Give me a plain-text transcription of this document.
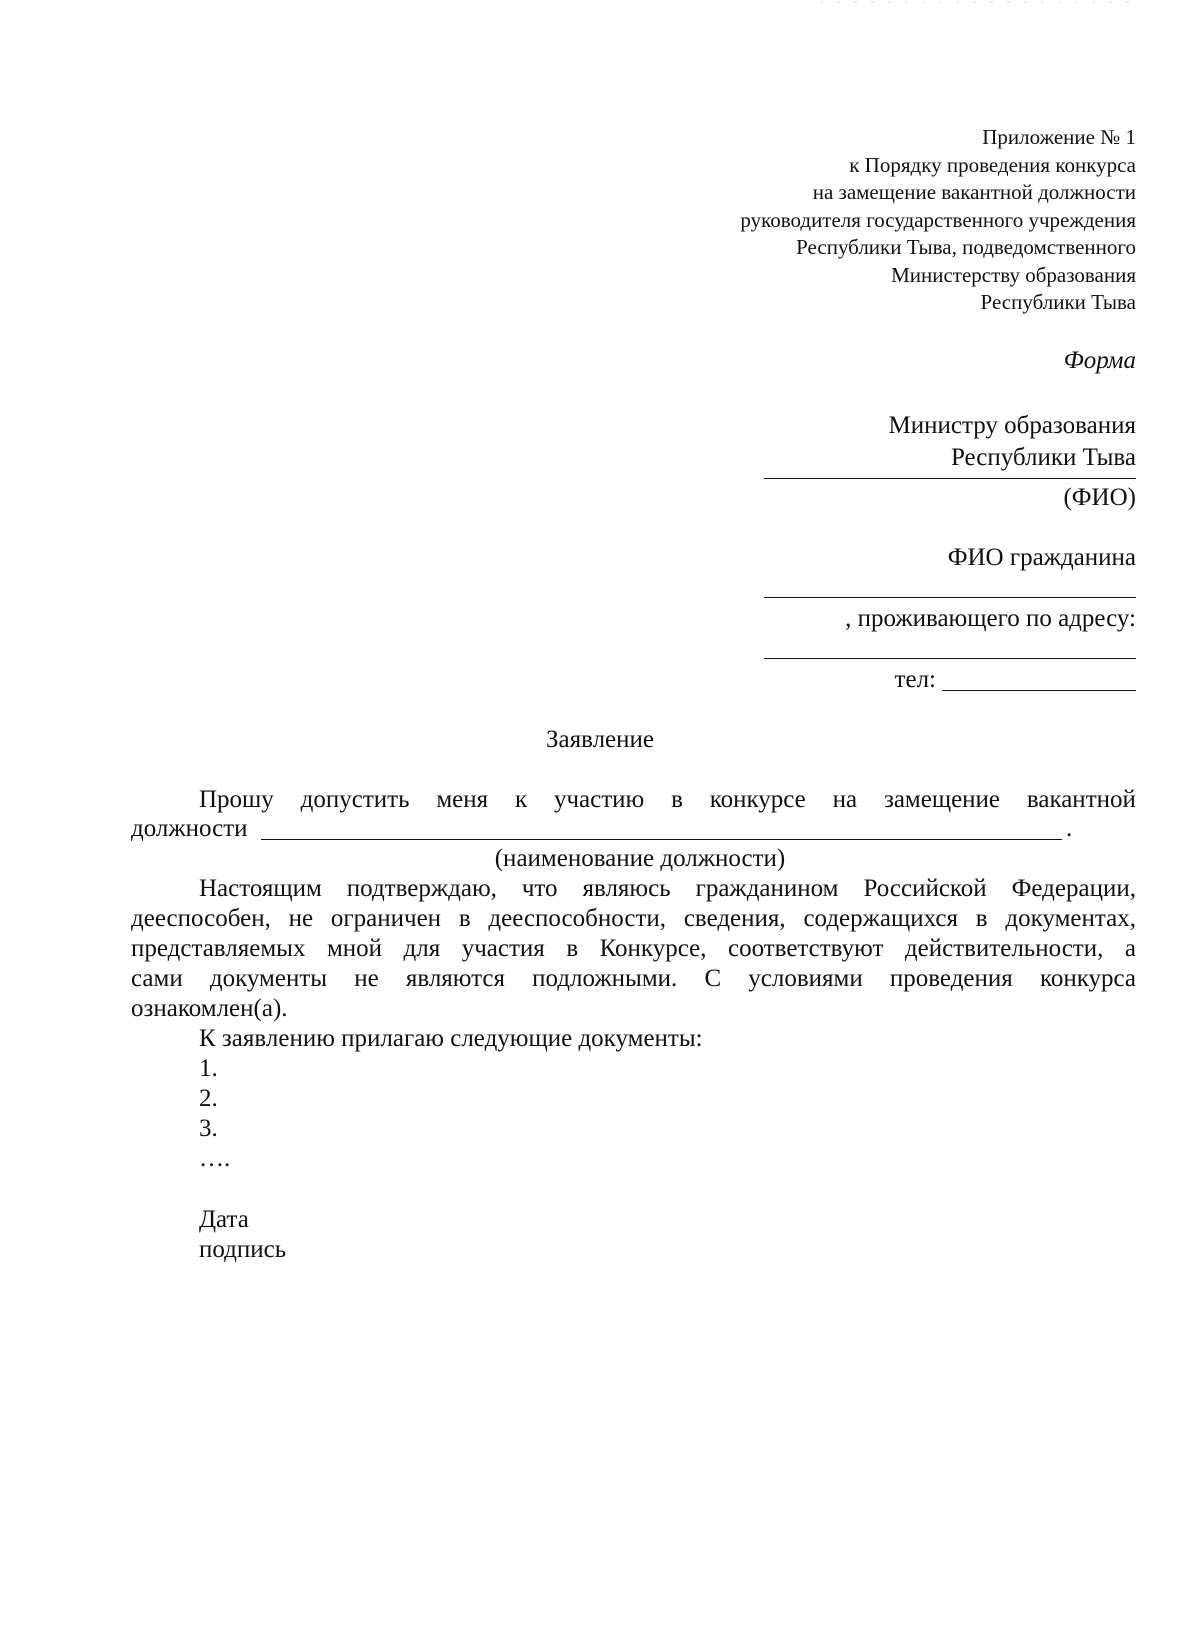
Приложение № 1
к Порядку проведения конкурса
на замещение вакантной должности
руководителя государственного учреждения
Республики Тыва, подведомственного
Министерству образования
Республики Тыва
Форма
Министру образования
Республики Тыва
(ФИО)
ФИО гражданина
, проживающего по адресу:
тел:
Заявление
Прошу допустить меня к участию в конкурсе на замещение вакантной
должности	.
(наименование должности)
Настоящим подтверждаю, что являюсь гражданином Российской Федерации,
дееспособен, не ограничен в дееспособности, сведения, содержащихся в документах,
представляемых мной для участия в Конкурсе, соответствуют действительности, а
сами документы не являются подложными. С условиями проведения конкурса
ознакомлен(а).
К заявлению прилагаю следующие документы:
1.
2.
3.
….
Дата
подпись
